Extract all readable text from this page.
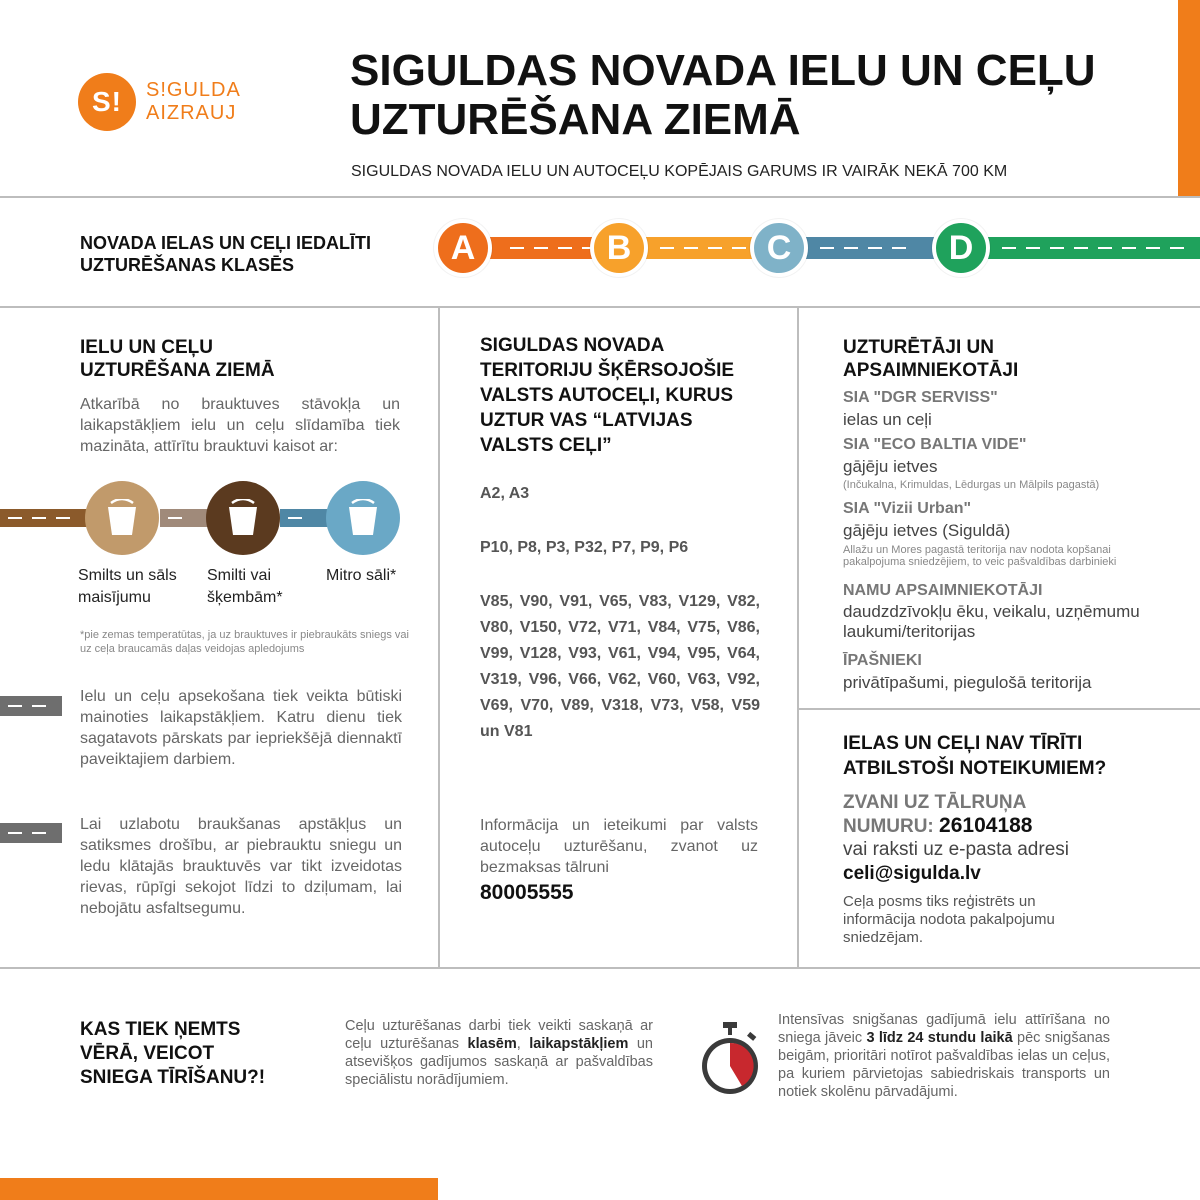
S! S!GULDA
AIZRAUJ
SIGULDAS NOVADA IELU UN CEĻU UZTURĒŠANA ZIEMĀ
SIGULDAS NOVADA IELU UN AUTOCEĻU KOPĒJAIS GARUMS IR VAIRĀK NEKĀ 700 KM
NOVADA IELAS UN CEĻI IEDALĪTI UZTURĒŠANAS KLASĒS	A	B	C	D
IELU UN CEĻU UZTURĒŠANA ZIEMĀ
Atkarībā no brauktuves stāvokļa un laikapstākļiem ielu un ceļu slīdamība tiek mazināta, attīrītu brauktuvi kaisot ar:
Smilts un sāls maisījumu
Smilti vai šķembām*
Mitro sāli*
*pie zemas temperatūtas, ja uz brauktuves ir piebraukāts sniegs vai uz ceļa braucamās daļas veidojas apledojums
Ielu un ceļu apsekošana tiek veikta būtiski mainoties laikapstākļiem. Katru dienu tiek sagatavots pārskats par iepriekšējā diennaktī paveiktajiem darbiem.
Lai uzlabotu braukšanas apstākļus un satiksmes drošību, ar piebrauktu sniegu un ledu klātajās brauktuvēs var tikt izveidotas rievas, rūpīgi sekojot līdzi to dziļumam, lai nebojātu asfaltsegumu.
SIGULDAS NOVADA TERITORIJU ŠĶĒRSOJOŠIE VALSTS AUTOCEĻI, KURUS UZTUR VAS “LATVIJAS VALSTS CEĻI”
A2, A3
P10, P8, P3, P32, P7, P9, P6
V85, V90, V91, V65, V83, V129, V82, V80, V150, V72, V71, V84, V75, V86, V99, V128, V93, V61, V94, V95, V64, V319, V96, V66, V62, V60, V63, V92, V69, V70, V89, V318, V73, V58, V59 un V81
Informācija un ieteikumi par valsts autoceļu uzturēšanu, zvanot uz bezmaksas tālruni
80005555
UZTURĒTĀJI UN APSAIMNIEKOTĀJI
SIA "DGR SERVISS"
ielas un ceļi
SIA "ECO BALTIA VIDE"
gājēju ietves
(Inčukalna, Krimuldas, Lēdurgas un Mālpils pagastā)
SIA "Vizii Urban"
gājēju ietves (Siguldā)
Allažu un Mores pagastā teritorija nav nodota kopšanai pakalpojuma sniedzējiem, to veic pašvaldības darbinieki
NAMU APSAIMNIEKOTĀJI
daudzdzīvokļu ēku, veikalu, uzņēmumu laukumi/teritorijas
ĪPAŠNIEKI
privātīpašumi, piegulošā teritorija
IELAS UN CEĻI NAV TĪRĪTI ATBILSTOŠI NOTEIKUMIEM?
ZVANI UZ TĀLRUŅA NUMURU: 26104188
vai raksti uz e-pasta adresi
celi@sigulda.lv
Ceļa posms tiks reģistrēts un informācija nodota pakalpojumu sniedzējam.
KAS TIEK ŅEMTS VĒRĀ, VEICOT SNIEGA TĪRĪŠANU?!
Ceļu uzturēšanas darbi tiek veikti saskaņā ar ceļu uzturēšanas klasēm, laikapstākļiem un atsevišķos gadījumos saskaņā ar pašvaldības speciālistu norādījumiem.
Intensīvas snigšanas gadījumā ielu attīrīšana no sniega jāveic 3 līdz 24 stundu laikā pēc snigšanas beigām, prioritāri notīrot pašvaldības ielas un ceļus, pa kuriem pārvietojas sabiedriskais transports un notiek skolēnu pārvadājumi.
